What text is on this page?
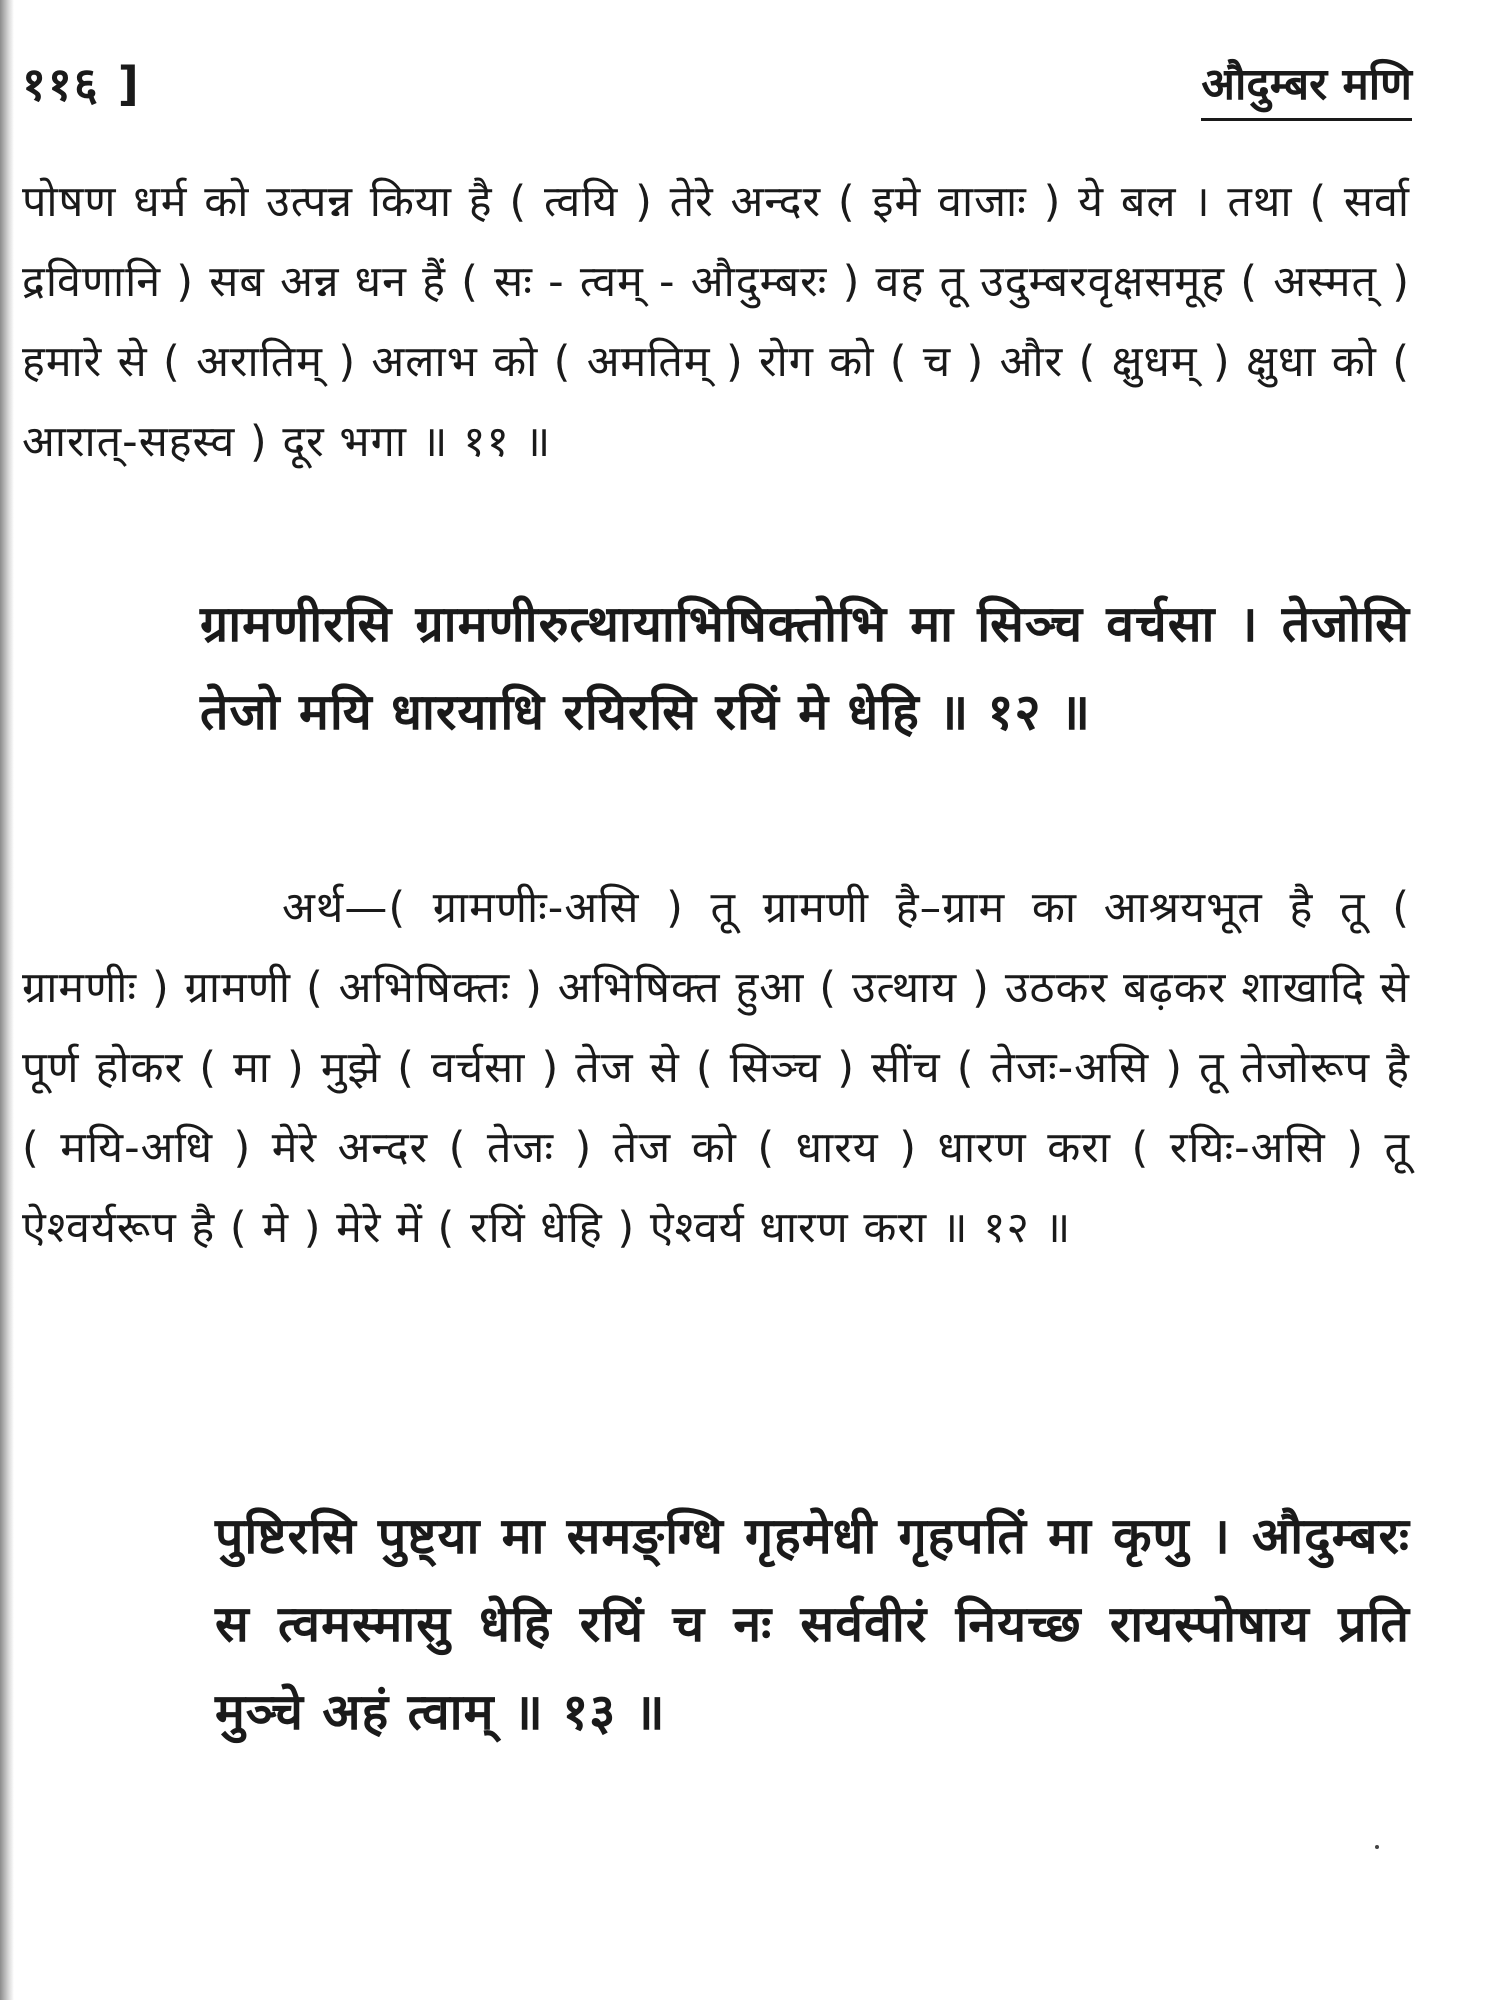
११६ ]	औदुम्बर मणि

पोषण धर्म को उत्पन्न किया है ( त्वयि ) तेरे अन्दर ( इमे वाजाः ) ये बल । तथा ( सर्वा द्रविणानि ) सब अन्न धन हैं ( सः - त्वम् - औदुम्बरः ) वह तू उदुम्बरवृक्षसमूह ( अस्मत् ) हमारे से ( अरातिम् ) अलाभ को ( अमतिम् ) रोग को ( च ) और ( क्षुधम् ) क्षुधा को ( आरात्-सहस्व ) दूर भगा ॥ ११ ॥

ग्रामणीरसि ग्रामणीरुत्थायाभिषिक्तोभि मा सिञ्च वर्चसा । तेजोसि तेजो मयि धारयाधि रयिरसि रयिं मे धेहि ॥ १२ ॥

अर्थ—( ग्रामणीः-असि ) तू ग्रामणी है–ग्राम का आश्रयभूत है तू ( ग्रामणीः ) ग्रामणी ( अभिषिक्तः ) अभिषिक्त हुआ ( उत्थाय ) उठकर बढ़कर शाखादि से पूर्ण होकर ( मा ) मुझे ( वर्चसा ) तेज से ( सिञ्च ) सींच ( तेजः-असि ) तू तेजोरूप है ( मयि-अधि ) मेरे अन्दर ( तेजः ) तेज को ( धारय ) धारण करा ( रयिः-असि ) तू ऐश्वर्यरूप है ( मे ) मेरे में ( रयिं धेहि ) ऐश्वर्य धारण करा ॥ १२ ॥

पुष्टिरसि पुष्ट्या मा समङ्ग्धि गृहमेधी गृहपतिं मा कृणु । औदुम्बरः स त्वमस्मासु धेहि रयिं च नः सर्ववीरं नियच्छ रायस्पोषाय प्रति मुञ्चे अहं त्वाम् ॥ १३ ॥
